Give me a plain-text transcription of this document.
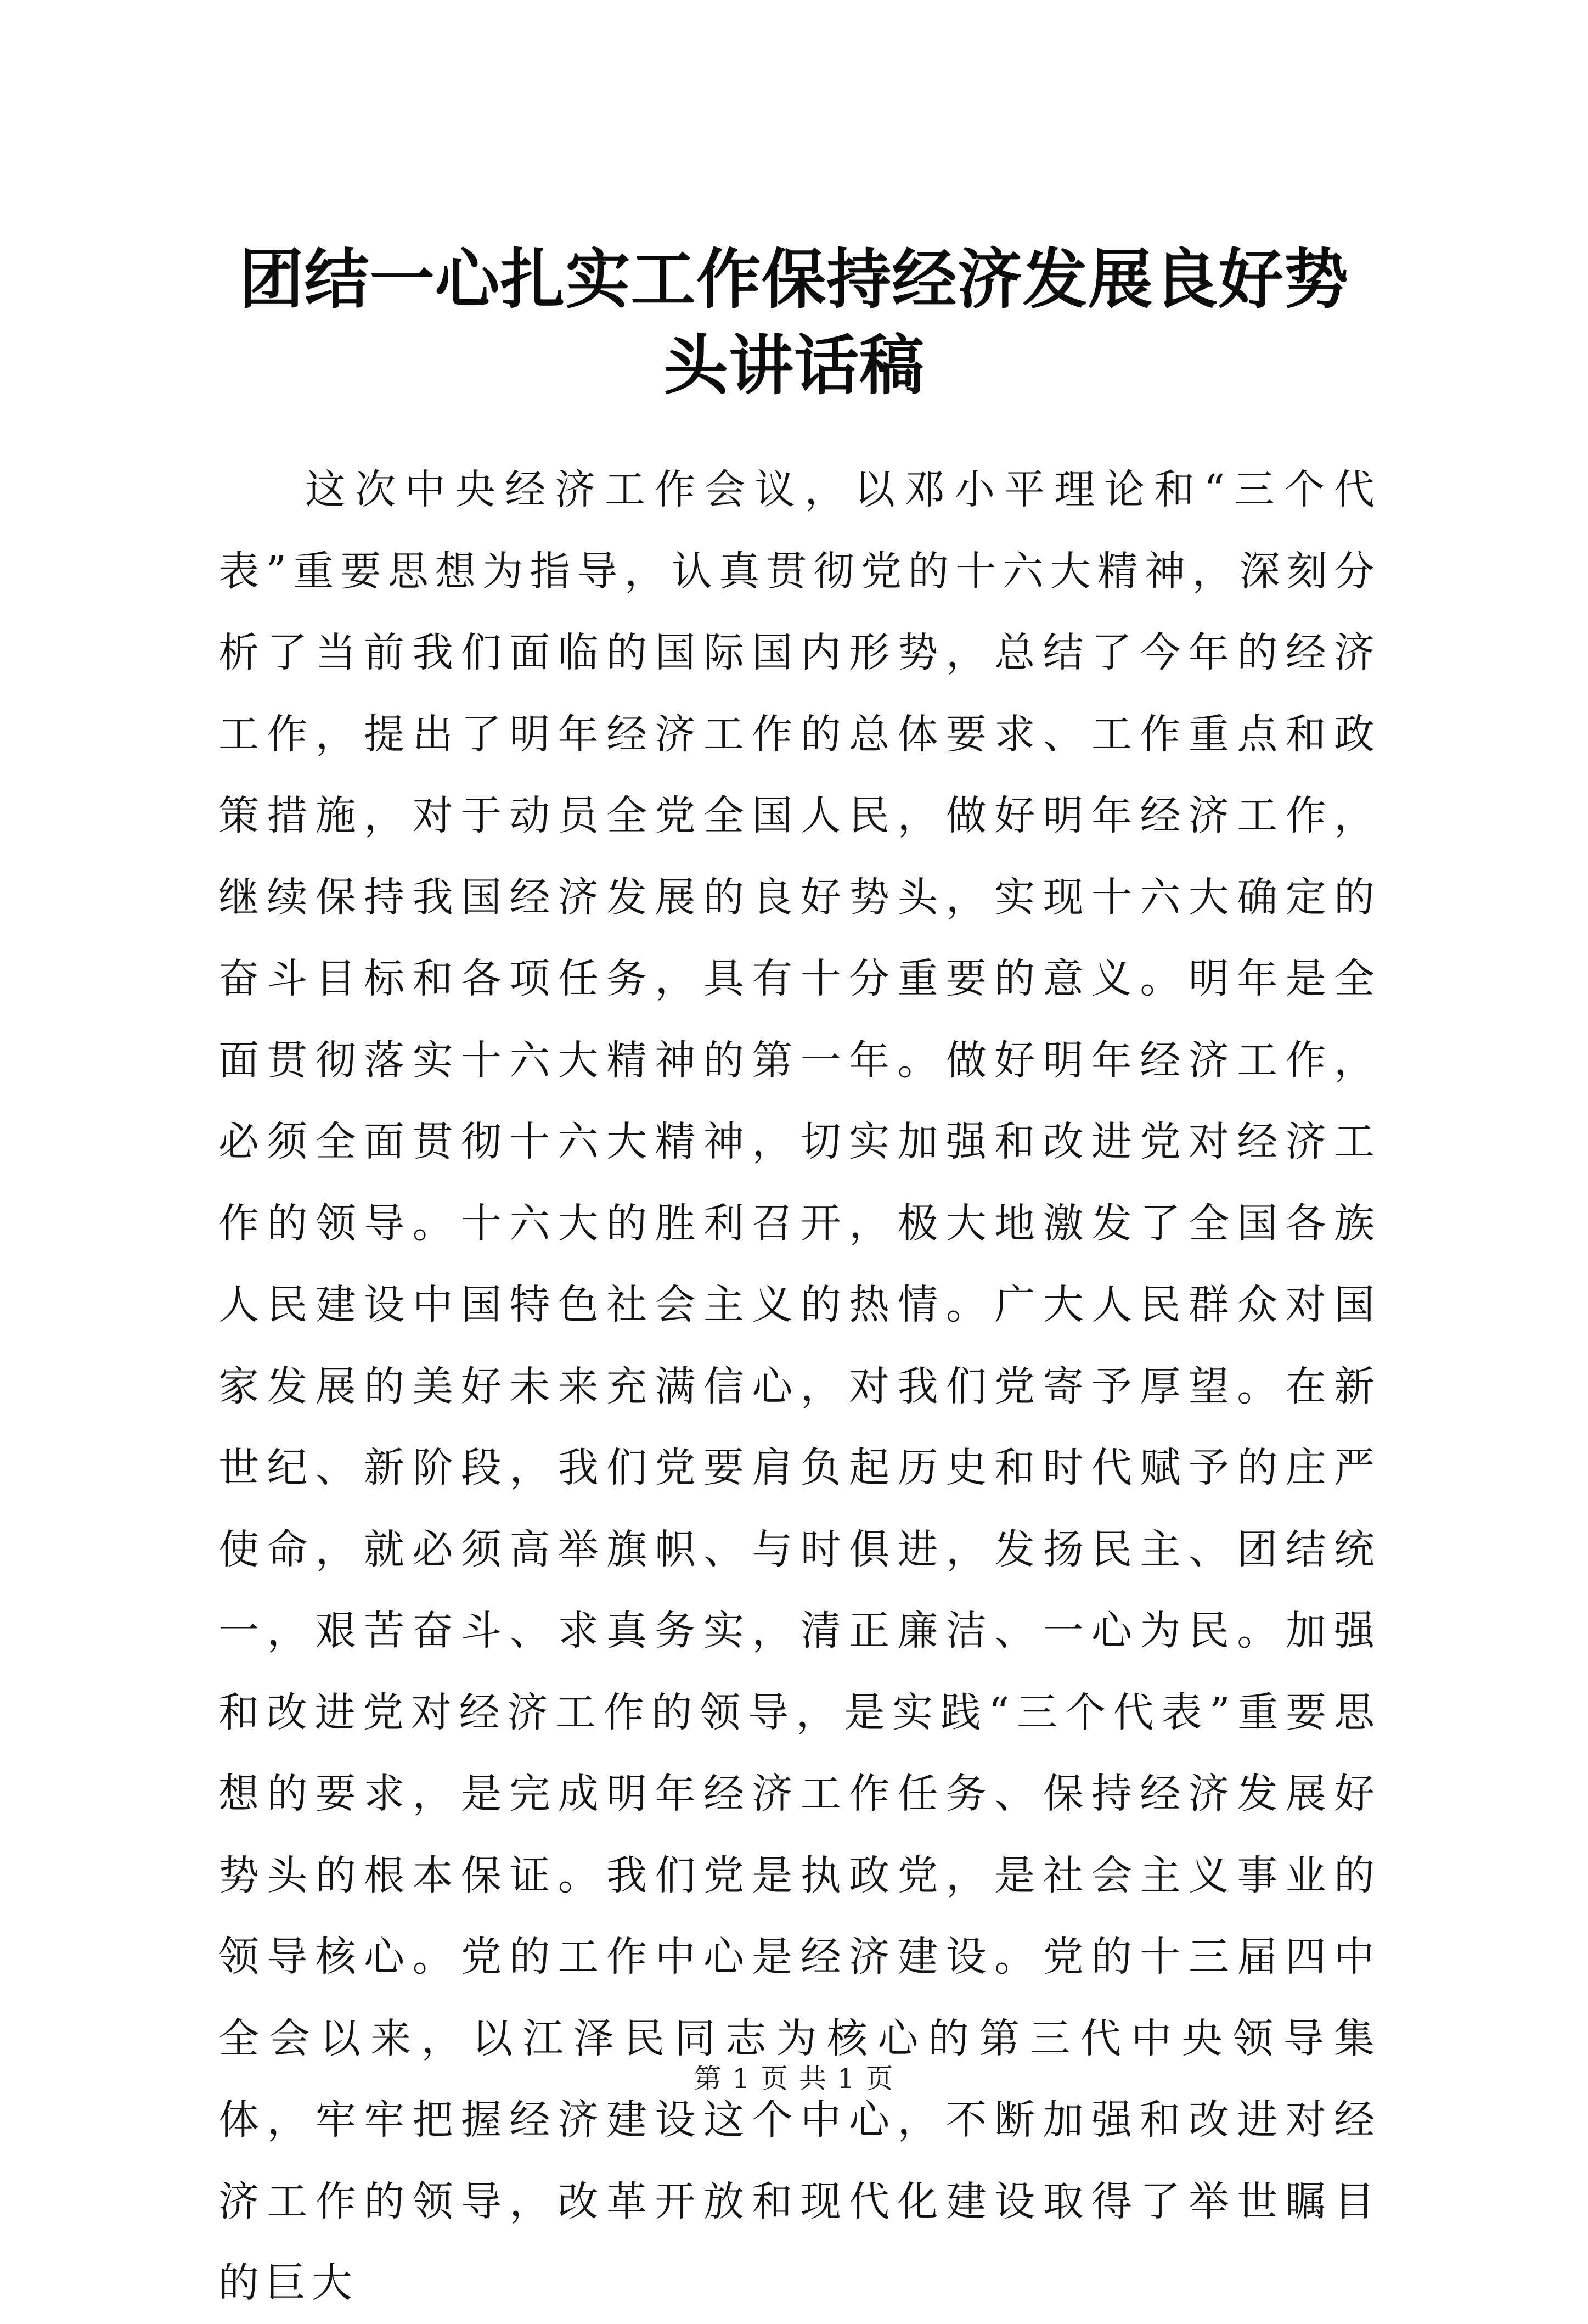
团结一心扎实工作保持经济发展良好势头讲话稿

这次中央经济工作会议，以邓小平理论和“三个代表”重要思想为指导，认真贯彻党的十六大精神，深刻分析了当前我们面临的国际国内形势，总结了今年的经济工作，提出了明年经济工作的总体要求、工作重点和政策措施，对于动员全党全国人民，做好明年经济工作，继续保持我国经济发展的良好势头，实现十六大确定的奋斗目标和各项任务，具有十分重要的意义。明年是全面贯彻落实十六大精神的第一年。做好明年经济工作，必须全面贯彻十六大精神，切实加强和改进党对经济工作的领导。十六大的胜利召开，极大地激发了全国各族人民建设中国特色社会主义的热情。广大人民群众对国家发展的美好未来充满信心，对我们党寄予厚望。在新世纪、新阶段，我们党要肩负起历史和时代赋予的庄严使命，就必须高举旗帜、与时俱进，发扬民主、团结统一，艰苦奋斗、求真务实，清正廉洁、一心为民。加强和改进党对经济工作的领导，是实践“三个代表”重要思想的要求，是完成明年经济工作任务、保持经济发展好势头的根本保证。我们党是执政党，是社会主义事业的领导核心。党的工作中心是经济建设。党的十三届四中全会以来，以江泽民同志为核心的第三代中央领导集体，牢牢把握经济建设这个中心，不断加强和改进对经济工作的领导，改革开放和现代化建设取得了举世瞩目的巨大

第 1 页 共 1 页
